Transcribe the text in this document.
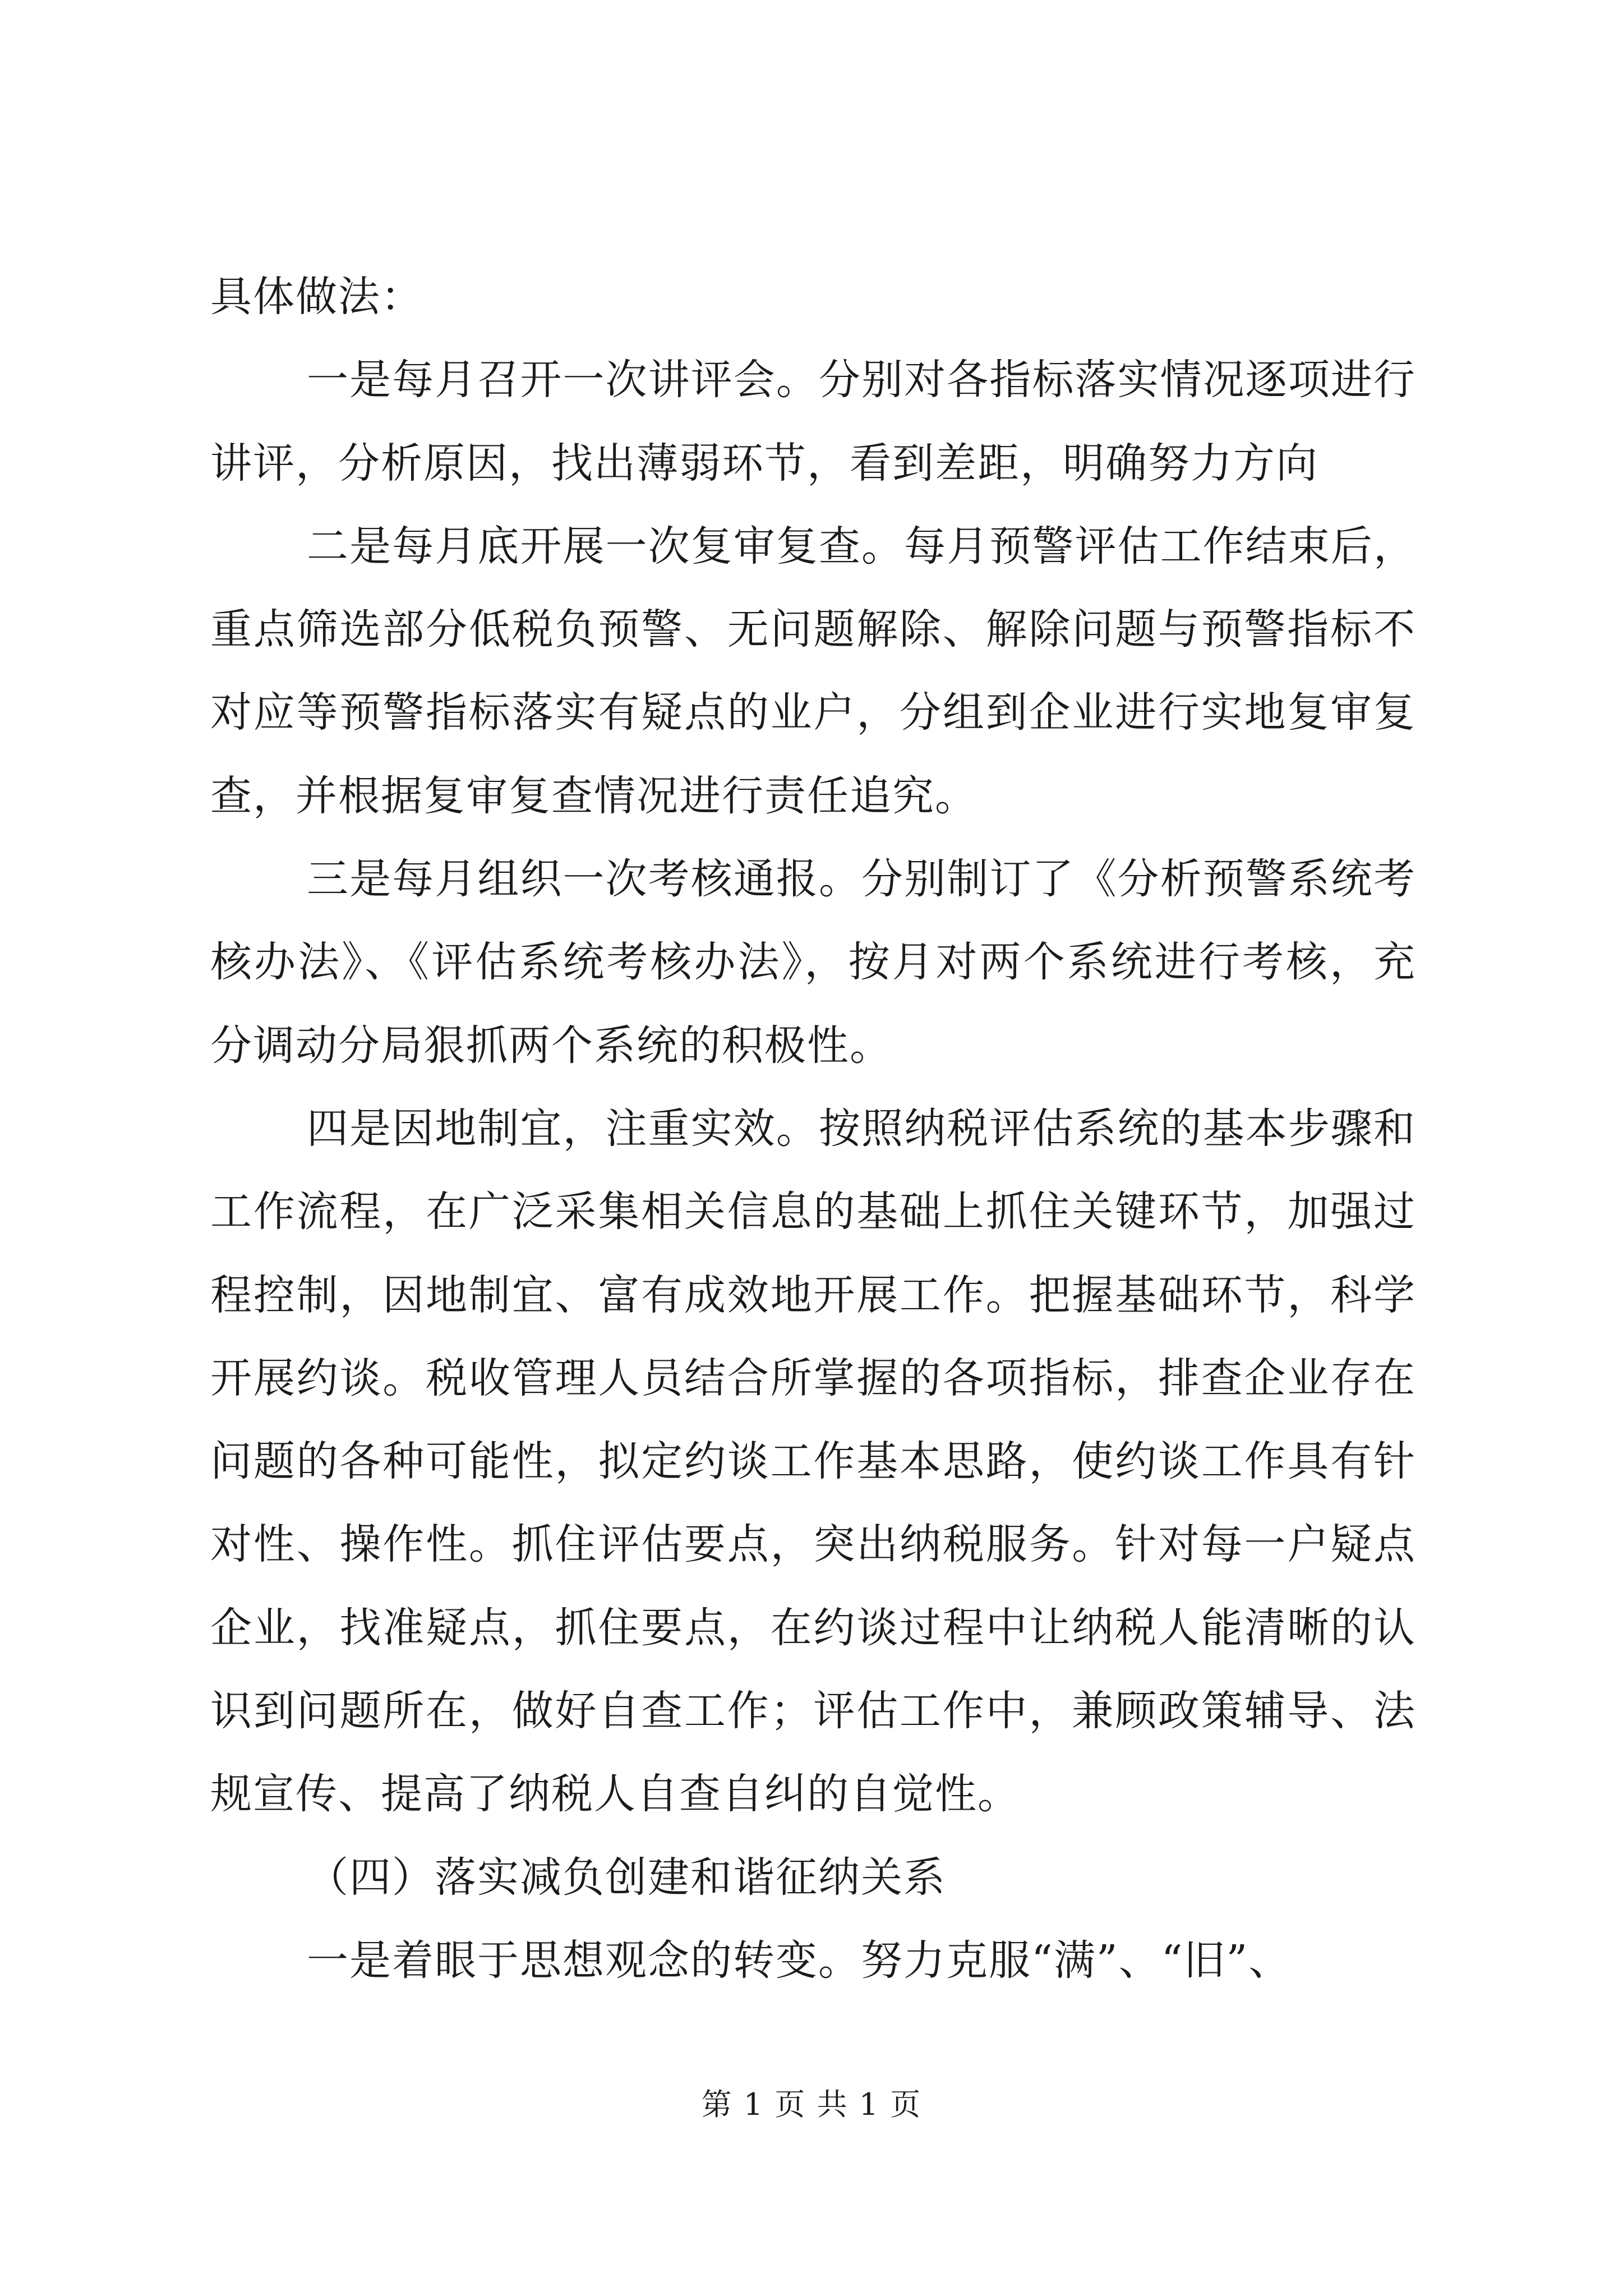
具体做法：

一是每月召开一次讲评会。分别对各指标落实情况逐项进行讲评，分析原因，找出薄弱环节，看到差距，明确努力方向

二是每月底开展一次复审复查。每月预警评估工作结束后，重点筛选部分低税负预警、无问题解除、解除问题与预警指标不对应等预警指标落实有疑点的业户，分组到企业进行实地复审复查，并根据复审复查情况进行责任追究。

三是每月组织一次考核通报。分别制订了《分析预警系统考核办法》、《评估系统考核办法》，按月对两个系统进行考核，充分调动分局狠抓两个系统的积极性。

四是因地制宜，注重实效。按照纳税评估系统的基本步骤和工作流程，在广泛采集相关信息的基础上抓住关键环节，加强过程控制，因地制宜、富有成效地开展工作。把握基础环节，科学开展约谈。税收管理人员结合所掌握的各项指标，排查企业存在问题的各种可能性，拟定约谈工作基本思路，使约谈工作具有针对性、操作性。抓住评估要点，突出纳税服务。针对每一户疑点企业，找准疑点，抓住要点，在约谈过程中让纳税人能清晰的认识到问题所在，做好自查工作；评估工作中，兼顾政策辅导、法规宣传、提高了纳税人自查自纠的自觉性。

（四）落实减负创建和谐征纳关系

一是着眼于思想观念的转变。努力克服“满”、“旧”、

第 1 页 共 1 页
